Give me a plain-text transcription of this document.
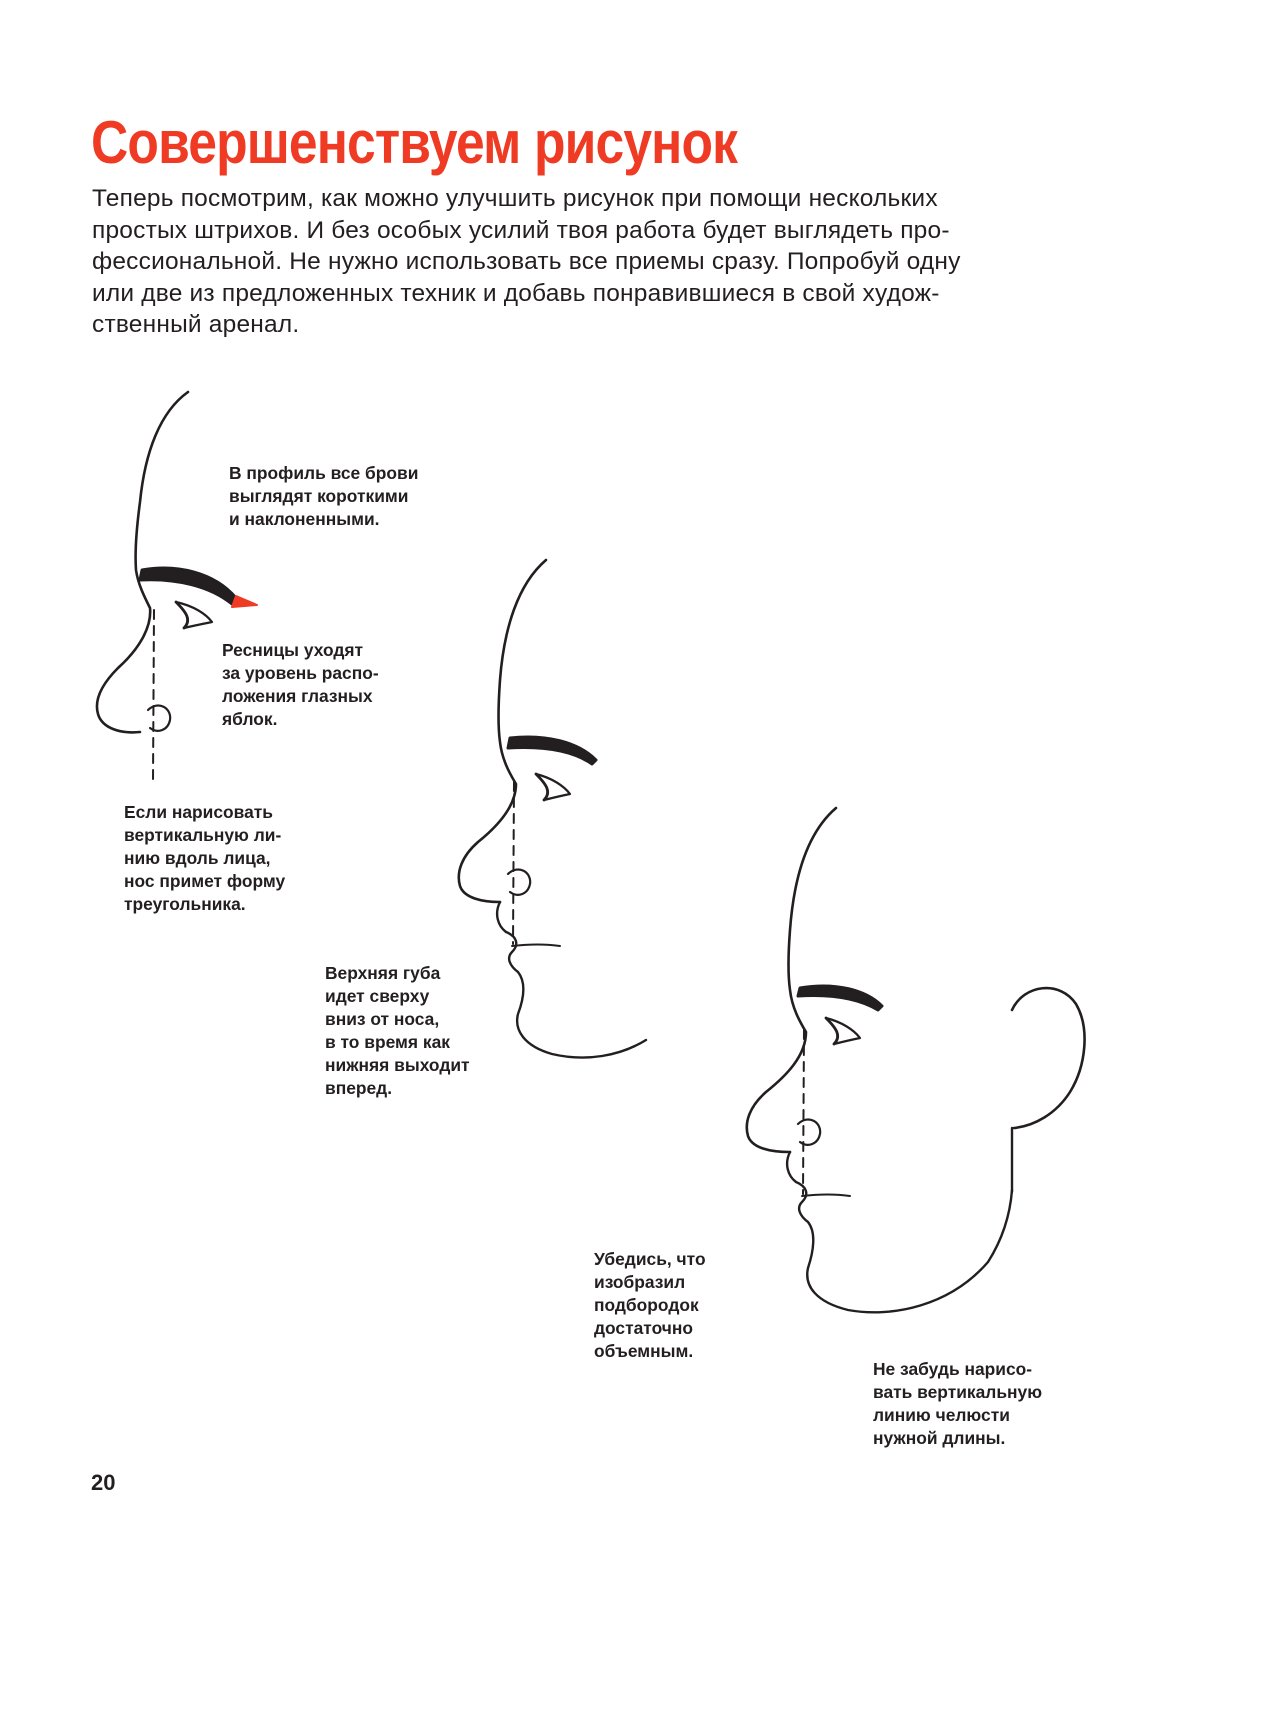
Совершенствуем рисунок
Теперь посмотрим, как можно улучшить рисунок при помощи нескольких
простых штрихов. И без особых усилий твоя работа будет выглядеть про-
фессиональной. Не нужно использовать все приемы сразу. Попробуй одну
или две из предложенных техник и добавь понравившиеся в свой худож-
ственный аренал.
В профиль все брови
выглядят короткими
и наклоненными.
Ресницы уходят
за уровень распо-
ложения глазных
яблок.
Если нарисовать
вертикальную ли-
нию вдоль лица,
нос примет форму
треугольника.
Верхняя губа
идет сверху
вниз от носа,
в то время как
нижняя выходит
вперед.
Убедись, что
изобразил
подбородок
достаточно
объемным.
Не забудь нарисо-
вать вертикальную
линию челюсти
нужной длины.
20
